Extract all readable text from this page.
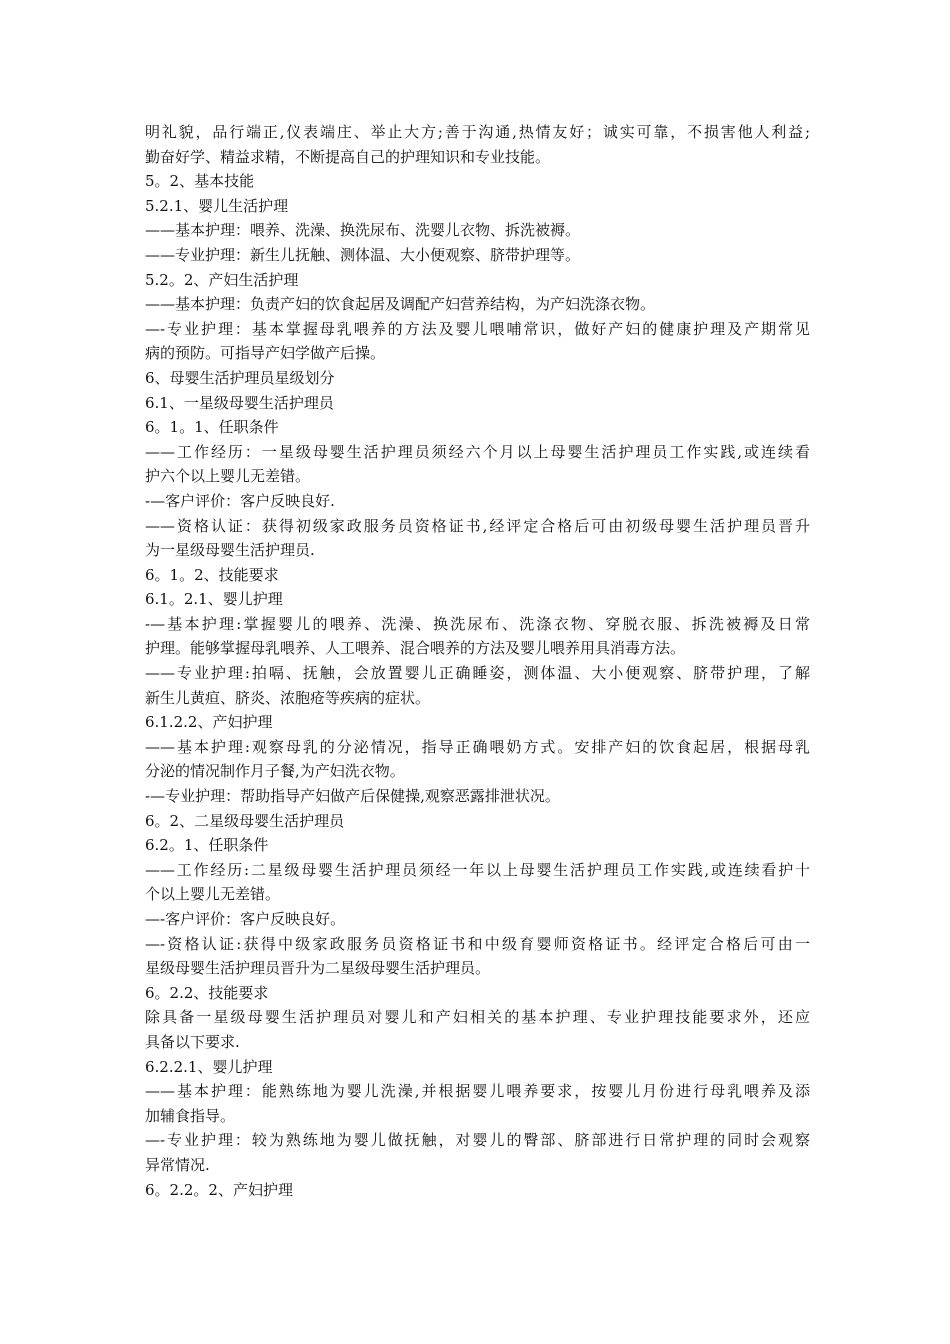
明礼貌，品行端正,仪表端庄、举止大方;善于沟通,热情友好；诚实可靠，不损害他人利益;
勤奋好学、精益求精，不断提高自己的护理知识和专业技能。
5。2、基本技能
5.2.1、婴儿生活护理
——基本护理：喂养、洗澡、换洗尿布、洗婴儿衣物、拆洗被褥。
——专业护理：新生儿抚触、测体温、大小便观察、脐带护理等。
5.2。2、产妇生活护理
——基本护理：负责产妇的饮食起居及调配产妇营养结构，为产妇洗涤衣物。
—-专业护理：基本掌握母乳喂养的方法及婴儿喂哺常识，做好产妇的健康护理及产期常见
病的预防。可指导产妇学做产后操。
6、母婴生活护理员星级划分
6.1、一星级母婴生活护理员
6。1。1、任职条件
——工作经历：一星级母婴生活护理员须经六个月以上母婴生活护理员工作实践,或连续看
护六个以上婴儿无差错。
-—客户评价：客户反映良好.
——资格认证：获得初级家政服务员资格证书,经评定合格后可由初级母婴生活护理员晋升
为一星级母婴生活护理员.
6。1。2、技能要求
6.1。2.1、婴儿护理
-—基本护理:掌握婴儿的喂养、洗澡、换洗尿布、洗涤衣物、穿脱衣服、拆洗被褥及日常
护理。能够掌握母乳喂养、人工喂养、混合喂养的方法及婴儿喂养用具消毒方法。
——专业护理:拍嗝、抚触，会放置婴儿正确睡姿，测体温、大小便观察、脐带护理，了解
新生儿黄疸、脐炎、浓胞疮等疾病的症状。
6.1.2.2、产妇护理
——基本护理:观察母乳的分泌情况，指导正确喂奶方式。安排产妇的饮食起居，根据母乳
分泌的情况制作月子餐,为产妇洗衣物。
-—专业护理：帮助指导产妇做产后保健操,观察恶露排泄状况。
6。2、二星级母婴生活护理员
6.2。1、任职条件
——工作经历:二星级母婴生活护理员须经一年以上母婴生活护理员工作实践,或连续看护十
个以上婴儿无差错。
—-客户评价：客户反映良好。
—-资格认证:获得中级家政服务员资格证书和中级育婴师资格证书。经评定合格后可由一
星级母婴生活护理员晋升为二星级母婴生活护理员。
6。2.2、技能要求
除具备一星级母婴生活护理员对婴儿和产妇相关的基本护理、专业护理技能要求外，还应
具备以下要求.
6.2.2.1、婴儿护理
——基本护理：能熟练地为婴儿洗澡,并根据婴儿喂养要求，按婴儿月份进行母乳喂养及添
加辅食指导。
—-专业护理：较为熟练地为婴儿做抚触，对婴儿的臀部、脐部进行日常护理的同时会观察
异常情况.
6。2.2。2、产妇护理
